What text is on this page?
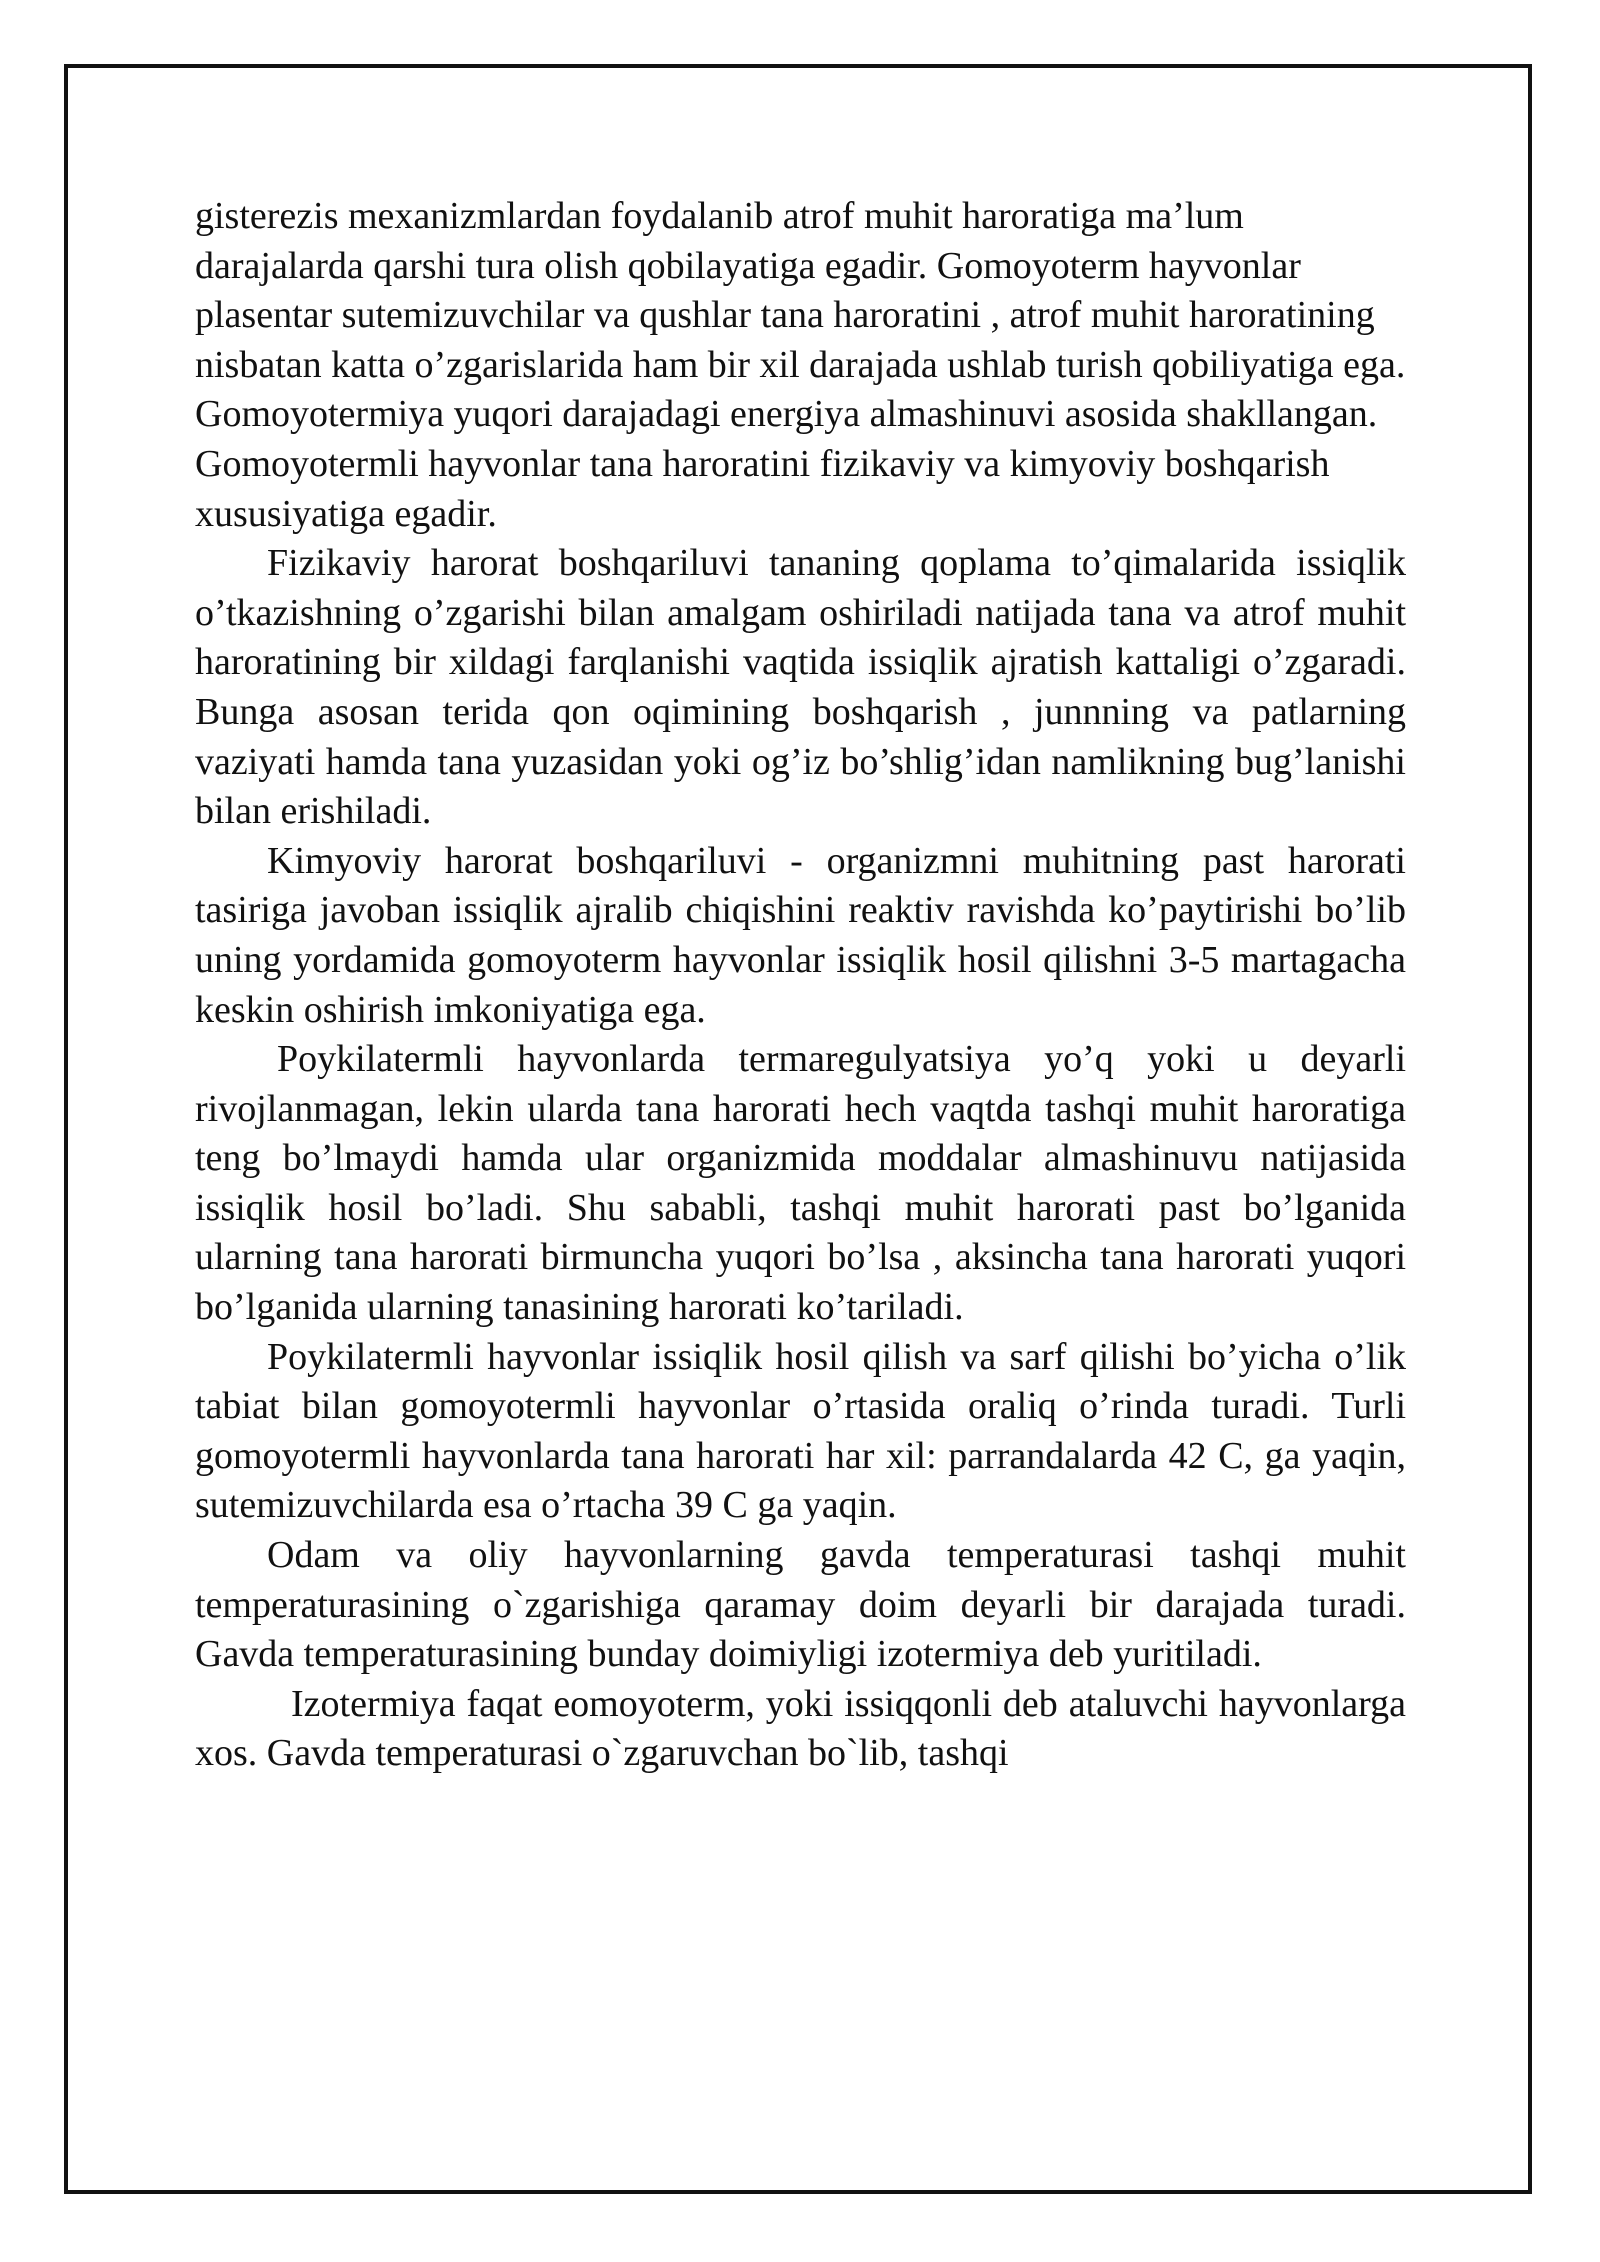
gisterezis mexanizmlardan foydalanib atrof muhit haroratiga ma’lum darajalarda qarshi tura olish qobilayatiga egadir. Gomoyoterm hayvonlar plasentar sutemizuvchilar va qushlar tana haroratini , atrof muhit haroratining nisbatan katta o’zgarislarida ham bir xil darajada ushlab turish qobiliyatiga ega. Gomoyotermiya yuqori darajadagi energiya almashinuvi asosida shakllangan. Gomoyotermli hayvonlar tana haroratini fizikaviy va kimyoviy boshqarish xususiyatiga egadir.

Fizikaviy harorat boshqariluvi tananing qoplama to’qimalarida issiqlik o’tkazishning o’zgarishi bilan amalgam oshiriladi natijada tana va atrof muhit haroratining bir xildagi farqlanishi vaqtida issiqlik ajratish kattaligi o’zgaradi. Bunga asosan terida qon oqimining boshqarish , junnning va patlarning vaziyati hamda tana yuzasidan yoki og’iz bo’shlig’idan namlikning bug’lanishi bilan erishiladi.

Kimyoviy harorat boshqariluvi - organizmni muhitning past harorati tasiriga javoban issiqlik ajralib chiqishini reaktiv ravishda ko’paytirishi bo’lib uning yordamida gomoyoterm hayvonlar issiqlik hosil qilishni 3-5 martagacha keskin oshirish imkoniyatiga ega.

Poykilatermli hayvonlarda termaregulyatsiya yo’q yoki u deyarli rivojlanmagan, lekin ularda tana harorati hech vaqtda tashqi muhit haroratiga teng bo’lmaydi hamda ular organizmida moddalar almashinuvu natijasida issiqlik hosil bo’ladi. Shu sababli, tashqi muhit harorati past bo’lganida ularning tana harorati birmuncha yuqori bo’lsa , aksincha tana harorati yuqori bo’lganida ularning tanasining harorati ko’tariladi.

Poykilatermli hayvonlar issiqlik hosil qilish va sarf qilishi bo’yicha o’lik tabiat bilan gomoyotermli hayvonlar o’rtasida oraliq o’rinda turadi. Turli gomoyotermli hayvonlarda tana harorati har xil: parrandalarda 42 C, ga yaqin, sutemizuvchilarda esa o’rtacha 39 C ga yaqin.

Odam va oliy hayvonlarning gavda temperaturasi tashqi muhit temperaturasining o`zgarishiga qaramay doim deyarli bir darajada turadi. Gavda temperaturasining bunday doimiyligi izotermiya deb yuritiladi.

Izotermiya faqat eomoyoterm, yoki issiqqonli deb ataluvchi hayvonlarga xos. Gavda temperaturasi o`zgaruvchan bo`lib, tashqi
